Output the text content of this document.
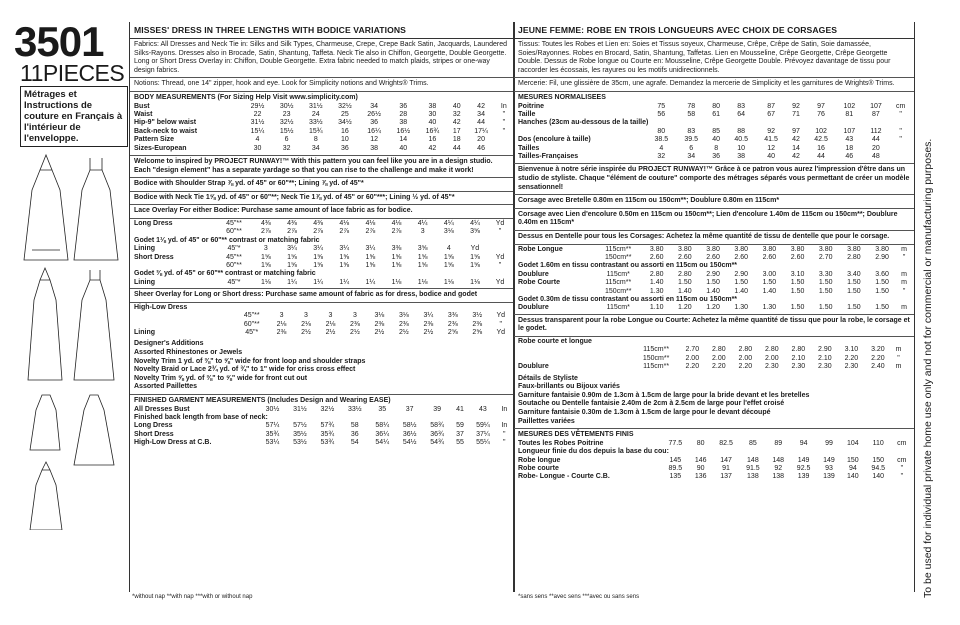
3501
11PIECES
Métrages et Instructions de couture en Français à l'intérieur de l'enveloppe.
MISSES' DRESS IN THREE LENGTHS WITH BODICE VARIATIONS
Fabrics: All Dresses and Neck Tie in: Silks and Silk Types, Charmeuse, Crepe, Crepe Back Satin, Jacquards, Laundered Silks-Rayons. Dresses also in Brocade, Satin, Shantung, Taffeta. Neck Tie also in Chiffon, Georgette, Double Georgette. Long or Short Dress Overlay in: Chiffon, Double Georgette. Extra fabric needed to match plaids, stripes or one-way design fabrics.
Notions: Thread, one 14" zipper, hook and eye. Look for Simplicity notions and Wrights® Trims.
BODY MEASUREMENTS (For Sizing Help Visit www.simplicity.com)
Bust	29½	30½	31½	32½	34	36	38	40	42	In
Waist	22	23	24	25	26½	28	30	32	34	"
Hip-9" below waist	31½	32½	33½	34½	36	38	40	42	44	"
Back-neck to waist	15¼	15½	15¾	16	16¼	16½	16¾	17	17¼	"
Pattern Size	4	6	8	10	12	14	16	18	20	
Sizes-European	30	32	34	36	38	40	42	44	46	
Welcome to inspired by PROJECT RUNWAY!™ With this pattern you can feel like you are in a design studio. Each "design element" has a separate yardage so that you can rise to the challenge and make it work!
Bodice with Shoulder Strap ⅞ yd. of 45" or 60"**; Lining ⅞ yd. of 45"*
Bodice with Neck Tie 1⅝ yd. of 45" or 60"**; Neck Tie 1⅞ yd. of 45" or 60"***; Lining ½ yd. of 45"*
Lace Overlay For either Bodice: Purchase same amount of lace fabric as for bodice.
Long Dress	45"**	4⅜	4⅜	4⅜	4⅛	4⅛	4⅛	4¼	4¼	4¼	Yd
	60"**	2⅞	2⅞	2⅞	2⅞	2⅞	2⅞	3	3⅛	3⅝	"
Godet 1⅛ yd. of 45" or 60"** contrast or matching fabric											
Lining	45"*	3	3¼	3¼	3¼	3¼	3⅜	3⅝	4	Yd	
Short Dress	45"**	1⅝	1⅝	1⅝	1⅝	1⅝	1⅝	1⅝	1⅝	1⅝	Yd
	60"**	1⅝	1⅝	1⅝	1⅝	1⅝	1⅝	1⅝	1⅝	1⅝	"
Godet ⅜ yd. of 45" or 60"** contrast or matching fabric											
Lining	45"*	1⅛	1¼	1¼	1¼	1¼	1⅛	1⅛	1⅛	1⅛	Yd
Sheer Overlay for Long or Short dress: Purchase same amount of fabric as for dress, bodice and godet
High-Low Dress											
	45"**	3	3	3	3	3⅛	3⅛	3¼	3⅜	3½	Yd
	60"**	2⅛	2⅛	2⅛	2⅜	2⅜	2⅜	2⅜	2⅜	2⅜	"
Lining	45"*	2⅜	2½	2½	2½	2½	2½	2½	2⅝	2⅝	Yd
Designer's Additions
Assorted Rhinestones or Jewels
Novelty Trim 1 yd. of ⅜" to ⅝" wide for front loop and shoulder straps
Novelty Braid or Lace 2¾ yd. of ¾" to 1" wide for criss cross effect
Novelty Trim ⅝ yd. of ⅜" to ⅝" wide for front cut out
Assorted Paillettes
FINISHED GARMENT MEASUREMENTS (Includes Design and Wearing EASE)
All Dresses Bust	30½	31½	32½	33½	35	37	39	41	43	In
Finished back length from base of neck:										
Long Dress	57¼	57½	57¾	58	58¼	58½	58¾	59	59¼	In
Short Dress	35¾	35½	35¾	36	36¼	36½	36¾	37	37¼	"
High-Low Dress at C.B.	53¼	53½	53¾	54	54¼	54½	54¾	55	55¼	"
*without nap **with nap ***with or without nap
JEUNE FEMME: ROBE EN TROIS LONGUEURS AVEC CHOIX DE CORSAGES
Tissus: Toutes les Robes et Lien en: Soies et Tissus soyeux, Charmeuse, Crêpe, Crêpe de Satin, Soie damassée, Soies/Rayonnes. Robes en Brocard, Satin, Shantung, Taffetas. Lien en Mousseline, Crêpe Georgette, Crêpe Georgette Double. Dessus de Robe longue ou Courte en: Mousseline, Crêpe Georgette Double. Prévoyez davantage de tissu pour raccorder les écossais, les rayures ou les motifs unidirectionnels.
Mercerie: Fil, une glissière de 35cm, une agrafe. Demandez la mercerie de Simplicity et les garnitures de Wrights® Trims.
MESURES NORMALISEES
Poitrine	75	78	80	83	87	92	97	102	107	cm
Taille	56	58	61	64	67	71	76	81	87	"
Hanches (23cm au-dessous de la taille)										
	80	83	85	88	92	97	102	107	112	"
Dos (encolure à taille)	38.5	39.5	40	40.5	41.5	42	42.5	43	44	"
Tailles	4	6	8	10	12	14	16	18	20	
Tailles-Françaises	32	34	36	38	40	42	44	46	48	
Bienvenue à notre série inspirée du PROJECT RUNWAY!™ Grâce à ce patron vous aurez l'impression d'être dans un studio de styliste. Chaque "élément de couture" comporte des métrages séparés vous permettant de créer un modèle sensationnel!
Corsage avec Bretelle 0.80m en 115cm ou 150cm**; Doublure 0.80m en 115cm*
Corsage avec Lien d'encolure 0.50m en 115cm ou 150cm**; Lien d'encolure 1.40m de 115cm ou 150cm**; Doublure 0.40m en 115cm*
Dessus en Dentelle pour tous les Corsages: Achetez la même quantité de tissu de dentelle que pour le corsage.
Robe Longue	115cm**	3.80	3.80	3.80	3.80	3.80	3.80	3.80	3.80	3.80	m
	150cm**	2.60	2.60	2.60	2.60	2.60	2.60	2.70	2.80	2.90	"
Godet 1.60m en tissu contrastant ou assorti en 115cm ou 150cm**											
Doublure	115cm*	2.80	2.80	2.90	2.90	3.00	3.10	3.30	3.40	3.60	m
Robe Courte	115cm**	1.40	1.50	1.50	1.50	1.50	1.50	1.50	1.50	1.50	m
	150cm**	1.30	1.40	1.40	1.40	1.40	1.50	1.50	1.50	1.50	"
Godet 0.30m de tissu contrastant ou assorti en 115cm ou 150cm**											
Doublure	115cm*	1.10	1.20	1.20	1.30	1.30	1.50	1.50	1.50	1.50	m
Dessus transparent pour la robe Longue ou Courte: Achetez la même quantité de tissu que pour la robe, le corsage et le godet.
Robe courte et longue											
	115cm**	2.70	2.80	2.80	2.80	2.80	2.90	3.10	3.20	m	
	150cm**	2.00	2.00	2.00	2.00	2.10	2.10	2.20	2.20	"	
Doublure	115cm**	2.20	2.20	2.20	2.30	2.30	2.30	2.30	2.40	m	
Détails de Styliste
Faux-brillants ou Bijoux variés
Garniture fantaisie 0.90m de 1.3cm à 1.5cm de large pour la bride devant et les bretelles
Soutache ou Dentelle fantaisie 2.40m de 2cm à 2.5cm de large pour l'effet croisé
Garniture fantaisie 0.30m de 1.3cm à 1.5cm de large pour le devant découpé
Paillettes variées
MESURES DES VÊTEMENTS FINIS
Toutes les Robes Poitrine	77.5	80	82.5	85	89	94	99	104	110	cm
Longueur finie du dos depuis la base du cou:										
Robe longue	145	146	147	148	148	149	149	150	150	cm
Robe courte	89.5	90	91	91.5	92	92.5	93	94	94.5	"
Robe- Longue - Courte C.B.	135	136	137	138	138	139	139	140	140	"
*sans sens **avec sens ***avec ou sans sens	To be used for individual private home use only and not for commercial or manufacturing purposes.
